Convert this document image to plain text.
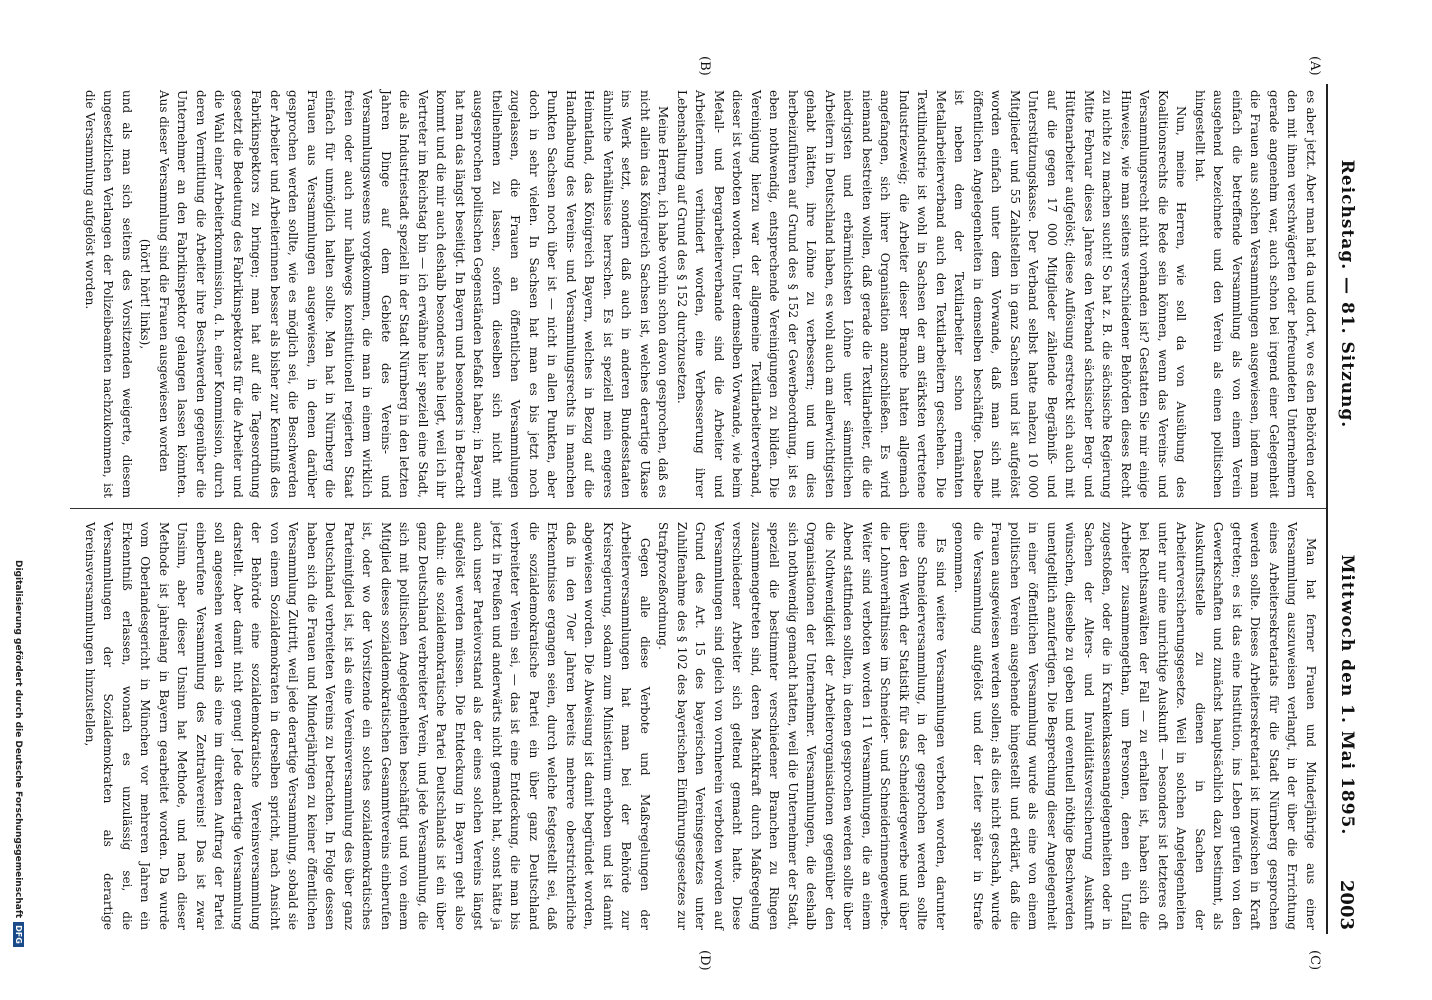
Reichstag. — 81. Sitzung.
Mittwoch den 1. Mai 1895.
2003
(A)
(B)
(C)
(D)

es aber jetzt. Aber man hat da und dort, wo es den Behörden oder den mit ihnen verschwägerten oder befreundeten Unternehmern gerade angenehm war, auch schon bei irgend einer Gelegenheit die Frauen aus solchen Versammlungen ausgewiesen, indem man einfach die betreffende Versammlung als von einem Verein ausgehend bezeichnete und den Verein als einen politischen hingestellt hat.

Nun, meine Herren, wie soll da von Ausübung des Koalitionsrechts die Rede sein können, wenn das Vereins- und Versammlungsrecht nicht vorhanden ist? Gestatten Sie mir einige Hinweise, wie man seitens verschiedener Behörden dieses Recht zu nichte zu machen sucht! So hat z. B. die sächsische Regierung Mitte Februar dieses Jahres den Verband sächsischer Berg- und Hüttenarbeiter aufgelöst; diese Auflösung erstreckt sich auch mit auf die gegen 17 000 Mitglieder zählende Begräbniß- und Unterstützungskasse. Der Verband selbst hatte nahezu 10 000 Mitglieder und 55 Zahlstellen in ganz Sachsen und ist aufgelöst worden einfach unter dem Vorwande, daß man sich mit öffentlichen Angelegenheiten in demselben beschäftige. Daselbe ist neben dem der Textilarbeiter schon ermähnten Metallarbeiterverband auch den Textilarbeitern geschehen. Die Textilindustrie ist wohl in Sachsen der am stärksten vertretene Industriezweig; die Arbeiter dieser Branche hatten allgemach angefangen, sich ihrer Organisation anzuschließen. Es wird niemand bestreiten wollen, daß gerade die Textilarbeiter, die die niedrigsten und erbärmlichsten Löhne unter sämmtlichen Arbeitern in Deutschland haben, es wohl auch am allerwichtigsten gehabt hätten, ihre Löhne zu verbessern; und um dies herbeizuführen auf Grund des § 152 der Gewerbeordnung, ist es eben nothwendig, entsprechende Vereinigungen zu bilden. Die Vereinigung hierzu war der allgemeine Textilarbeiterverband, dieser ist verboten worden. Unter demselben Vorwande, wie beim Metall- und Bergarbeiterverbande sind die Arbeiter und Arbeiterinnen verhindert worden, eine Verbesserung ihrer Lebenshaltung auf Grund des § 152 durchzusetzen.

Meine Herren, ich habe vorhin schon davon gesprochen, daß es nicht allein das Königreich Sachsen ist, welches derartige Ukase ins Werk setzt, sondern daß auch in anderen Bundesstaaten ähnliche Verhältnisse herrschen. Es ist speziell mein engeres Heimatland, das Königreich Bayern, welches in Bezug auf die Handhabung des Vereins- und Versammlungsrechts in manchen Punkten Sachsen noch über ist — nicht in allen Punkten, aber doch in sehr vielen. In Sachsen hat man es bis jetzt noch zugelassen, die Frauen an öffentlichen Versammlungen theilnehmen zu lassen, sofern dieselben sich nicht mit ausgesprochen politischen Gegenständen befaßt haben; in Bayern hat man das längst beseitigt. In Bayern und besonders in Betracht kommt und die mir auch deshalb besonders nahe liegt, weil ich ihr Vertreter im Reichstag bin — ich erwähne hier speziell eine Stadt, die als Industriestadt speziell in der Stadt Nürnberg in den letzten Jahren Dinge auf dem Gebiete des Vereins- und Versammlungswesens vorgekommen, die man in einem wirklich freien oder auch nur halbwegs konstitutionell regierten Staat einfach für unmöglich halten sollte. Man hat in Nürnberg die Frauen aus Versammlungen ausgewiesen, in denen darüber gesprochen werden sollte, wie es möglich sei, die Beschwerden der Arbeiter und Arbeiterinnen besser als bisher zur Kenntniß des Fabrikinspektors zu bringen; man hat auf die Tagesordnung gesetzt die Bedeutung des Fabrikinspektorats für die Arbeiter und die Wahl einer Arbeiterkommission, d. h. einer Kommission, durch deren Vermittlung die Arbeiter ihre Beschwerden gegenüber die Unternehmer an den Fabrikinspektor gelangen lassen könnten. Aus dieser Versammlung sind die Frauen ausgewiesen worden

(hört! hört! links),

und als man sich seitens des Vorsitzenden weigerte, diesem ungesetzlichen Verlangen der Polizeibeamten nachzukommen, ist die Versammlung aufgelöst worden.

Man hat ferner Frauen und Minderjährige aus einer Versammlung auszuweisen verlangt, in der über die Errichtung eines Arbeitersekretariats für die Stadt Nürnberg gesprochen werden sollte. Dieses Arbeitersekretariat ist inzwischen in Kraft getreten; es ist das eine Institution, ins Leben gerufen von den Gewerkschaften und zunächst hauptsächlich dazu bestimmt, als Auskunftsstelle zu dienen in Sachen der Arbeiterversicherungsgesetze. Weil in solchen Angelegenheiten unter nur eine unrichtige Auskunft — besonders ist letzteres oft bei Rechtsanwälten der Fall — zu erhalten ist, haben sich die Arbeiter zusammengethan, um Personen, denen ein Unfall zugestoßen, oder die in Krankenkassenangelegenheiten oder in Sachen der Alters- und Invaliditätsversicherung Auskunft wünschen, dieselbe zu geben und eventuell nöthige Beschwerden unentgeltlich anzufertigen. Die Besprechung dieser Angelegenheit in einer öffentlichen Versammlung wurde als eine von einem politischen Verein ausgehende hingestellt und erklärt, daß die Frauen ausgewiesen werden sollen; als dies nicht geschah, wurde die Versammlung aufgelöst und der Leiter später in Strafe genommen.

Es sind weitere Versammlungen verboten worden, darunter eine Schneiderversammlung, in der gesprochen werden sollte über den Werth der Statistik für das Schneidergewerbe und über die Lohnverhältnisse im Schneider- und Schneiderinnengewerbe. Weiter sind verboten worden 11 Versammlungen, die an einem Abend stattfinden sollten, in denen gesprochen werden sollte über die Nothwendigkeit der Arbeiterorganisationen gegenüber den Organisationen der Unternehmer. Versammlungen, die deshalb sich nothwendig gemacht hatten, weil die Unternehmer der Stadt, speziell die bestimmter verschiedener Branchen zu Ringen zusammengetreten sind, deren Machtkraft durch Maßregelung verschiedener Arbeiter sich geltend gemacht hatte. Diese Versammlungen sind gleich von vornherein verboten worden auf Grund des Art. 15 des bayerischen Vereinsgesetzes unter Zuhilfenahme des § 102 des bayerischen Einführungsgesetzes zur Strafprozeßordnung.

Gegen alle diese Verbote und Maßregelungen der Arbeiterversammlungen hat man bei der Behörde zur Kreisregierung, sodann zum Ministerium erhoben und ist damit abgewiesen worden. Die Abweisung ist damit begründet worden, daß in den 70er Jahren bereits mehrere oberstrichterliche Erkenntnisse ergangen seien, durch welche festgestellt sei, daß die sozialdemokratische Partei ein über ganz Deutschland verbreiteter Verein sei, — das ist eine Entdeckung, die man bis jetzt in Preußen und anderwärts nicht gemacht hat, sonst hätte ja auch unser Parteivorstand als der eines solchen Vereins längst aufgelöst werden müssen. Die Entdeckung in Bayern geht also dahin: die sozialdemokratische Partei Deutschlands ist ein über ganz Deutschland verbreiteter Verein, und jede Versammlung, die sich mit politischen Angelegenheiten beschäftigt und von einem Mitglied dieses sozialdemokratischen Gesammtvereins einberufen ist, oder wo der Vorsitzende ein solches sozialdemokratisches Parteimitglied ist, ist als eine Vereinsversammlung des über ganz Deutschland verbreiteten Vereins zu betrachten. In Folge dessen haben sich die Frauen und Minderjährigen zu keiner öffentlichen Versammlung Zutritt, weil jede derartige Versammlung, sobald sie von einem Sozialdemokraten in derselben spricht, nach Ansicht der Behörde eine sozialdemokratische Vereinsversammlung darstellt. Aber damit nicht genug! Jede derartige Versammlung soll angesehen werden als eine im direkten Auftrag der Partei einberufene Versammlung des Zentralvereins! Das ist zwar Unsinn, aber dieser Unsinn hat Methode, und nach dieser Methode ist jahrelang in Bayern gearbeitet worden. Da wurde vom Oberlandesgericht in München vor mehreren Jahren ein Erkenntniß erlassen, wonach es unzulässig sei, die Versammlungen der Sozialdemokraten als derartige Vereinsversammlungen hinzustellen,

Digitalisierung gefördert durch die Deutsche Forschungsgemeinschaft
DFG
